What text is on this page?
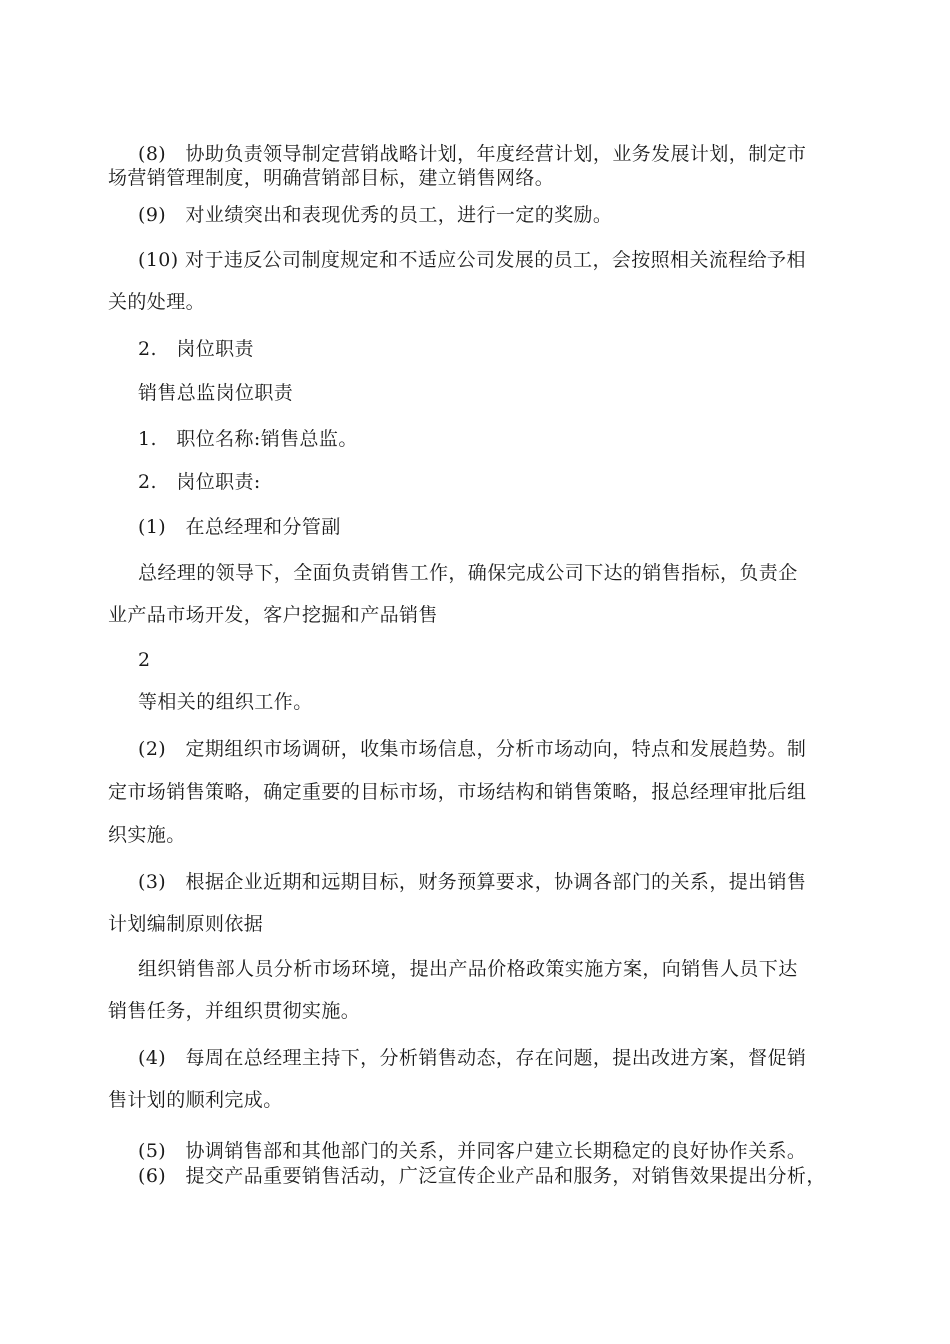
(8)　协助负责领导制定营销战略计划，年度经营计划，业务发展计划，制定市
场营销管理制度，明确营销部目标，建立销售网络。
(9)　对业绩突出和表现优秀的员工，进行一定的奖励。
(10) 对于违反公司制度规定和不适应公司发展的员工，会按照相关流程给予相
关的处理。
2.　岗位职责
销售总监岗位职责
1.　职位名称:销售总监。
2.　岗位职责:
(1)　在总经理和分管副
总经理的领导下，全面负责销售工作，确保完成公司下达的销售指标，负责企
业产品市场开发，客户挖掘和产品销售
2
等相关的组织工作。
(2)　定期组织市场调研，收集市场信息，分析市场动向，特点和发展趋势。制
定市场销售策略，确定重要的目标市场，市场结构和销售策略，报总经理审批后组
织实施。
(3)　根据企业近期和远期目标，财务预算要求，协调各部门的关系，提出销售
计划编制原则依据
组织销售部人员分析市场环境，提出产品价格政策实施方案，向销售人员下达
销售任务，并组织贯彻实施。
(4)　每周在总经理主持下，分析销售动态，存在问题，提出改进方案，督促销
售计划的顺利完成。
(5)　协调销售部和其他部门的关系，并同客户建立长期稳定的良好协作关系。
(6)　提交产品重要销售活动，广泛宣传企业产品和服务，对销售效果提出分析，
